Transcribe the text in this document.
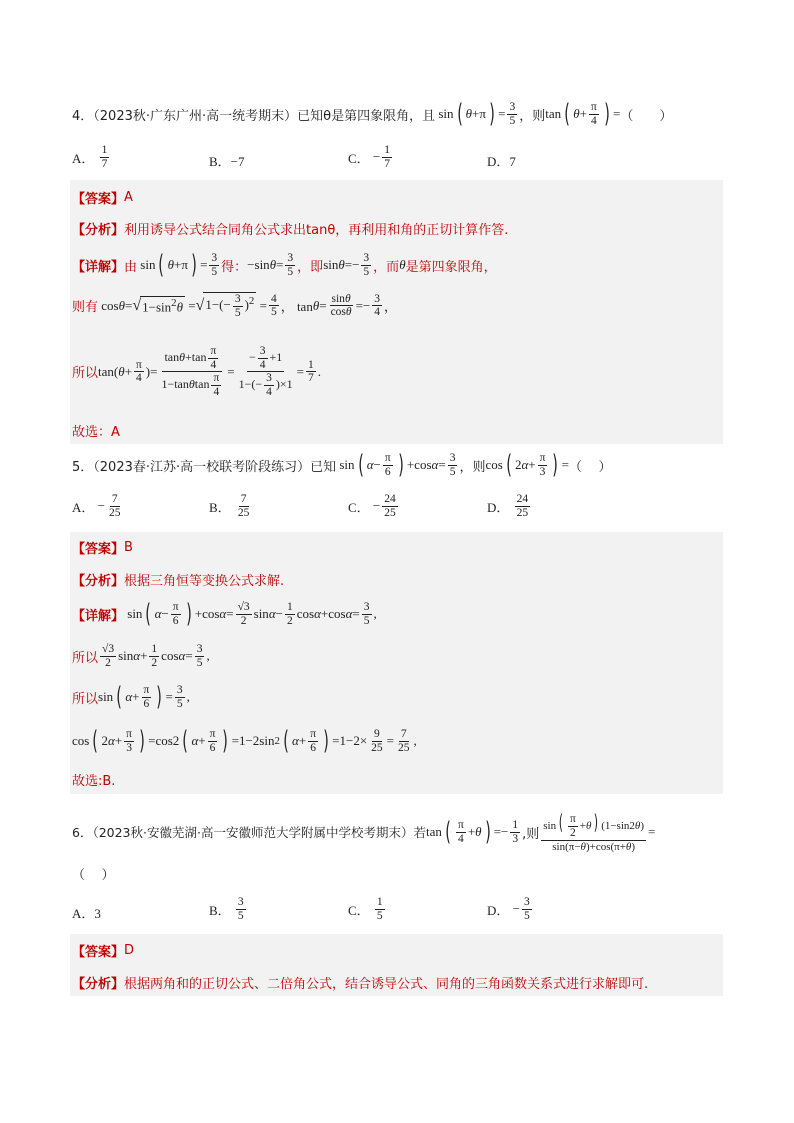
4．（2023秋·广东广州·高一统考期末）已知θ是第四象限角，且 sin ( θ +π ) = 3
5 ，则 tan ( θ + π
4 ) = （　　）
A．

1
7	B．−7	C． − 1
7	D．7
【答案】 A
【分析】 利用诱导公式结合同角公式求出tanθ，再利用和角的正切计算作答.
【详解】 由 sin ( θ +π ) = 3
5 得： −sin θ = 3
5 ，即 sin θ =− 3
5 ，而 θ 是第四象限角，
则有 cos θ = √ $1-\sin^2\theta$ = √ $1-(- \frac{3}{5} )^2 = 4$
5 ， tan θ = sinθ
cosθ =− 3
4 ，
所以 tan( θ + π
4 )=
$\tan\theta+\tan \frac{\pi}{4}$
$1-\tan\theta\tan \frac{\pi}{4}$
=
− $\frac{3}{4} +1$
$1-(- \frac{3}{4} )\times 1$
= 1
7 .
故选：A
5．（2023春·江苏·高一校联考阶段练习）已知 sin ( α − π
6 ) +cos α = 3
5 ，则 cos ( 2 α + π
3 ) = （    ）
A． − 7
25	B．

7
25	C． − 24
25	D．

24
25
【答案】 B
【分析】 根据三角恒等变换公式求解.
【详解】 sin ( α − π
6 ) +cos α = √3
2 sin α − 1
2 cos α +cos α = 3
5 ,
所以
√3
2 sin α + 1
2 cos α = 3
5 ,
所以 sin ( α + π
6 ) = 3
5 ,
cos ( 2 α + π
3 ) =cos2 ( α + π
6 ) =1−2sin 2 ( α + π
6 ) =1−2× 9
25 = 7
25 ,
故选:B.
6．（2023秋·安徽芜湖·高一安徽师范大学附属中学校考期末）若 tan ( π
4 + θ ) =− 1
3 ,则
sin ( $\frac{\pi}{2} +\theta$ ) (1−sin2θ)
sin(π−θ)+cos(π+θ)
=
（    ）
A．3	B．

3
5	C．

1
5	D． − 3
5
【答案】 D
【分析】 根据两角和的正切公式、二倍角公式，结合诱导公式、同角的三角函数关系式进行求解即可.
